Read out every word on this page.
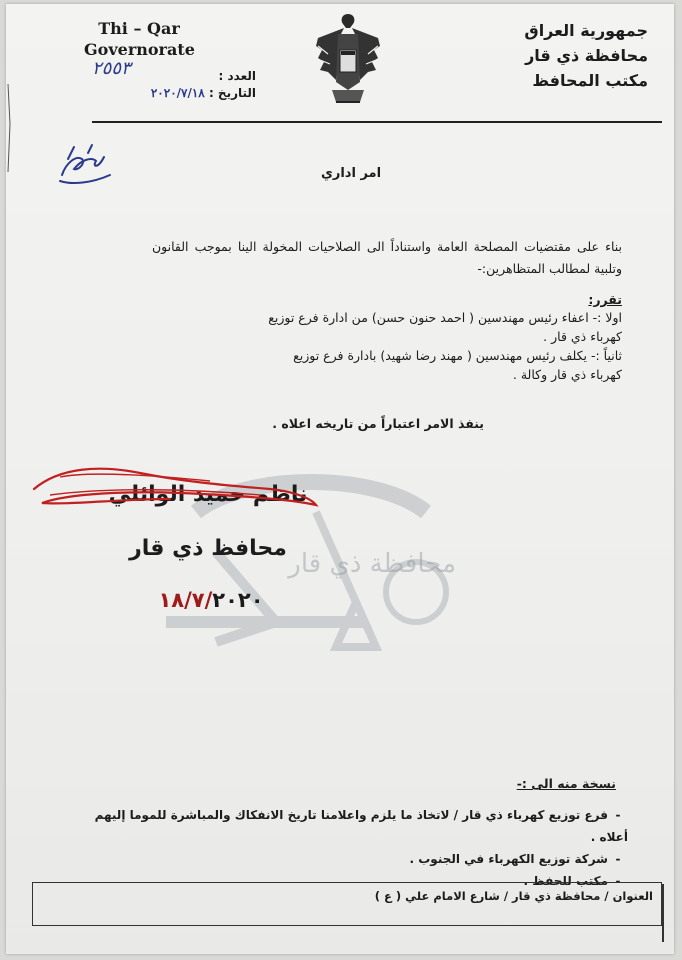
Thi – Qar
Governorate
٢٥٥٣	العدد :
التاريخ : ٢٠٢٠/٧/١٨
جمهورية العراق
محافظة ذي قار
مكتب المحافظ
امر اداري
بناء على مقتضيات المصلحة العامة واستناداً الى الصلاحيات المخولة الينا بموجب القانون وتلبية لمطالب المتظاهرين:-
تقرر:
اولا :- اعفاء رئيس مهندسين ( احمد حنون حسن) من ادارة فرع توزيع
كهرباء ذي قار .
ثانياً :- يكلف رئيس مهندسين ( مهند رضا شهيد) بادارة فرع توزيع
كهرباء ذي قار وكالة .
ينفذ الامر اعتباراً من تاريخه اعلاه .
محافظة ذي قار
ناظم حميد الوائلي
محافظ ذي قار
١٨/٧/٢٠٢٠
نسخة منه الى :-
-فرع توزيع كهرباء ذي قار / لاتخاذ ما يلزم واعلامنا تاريخ الانفكاك والمباشرة للموما إليهم أعلاه .
-شركة توزيع الكهرباء في الجنوب .
-مكتب للحفظ .
العنوان / محافظة ذي قار / شارع الامام علي ( ع )
